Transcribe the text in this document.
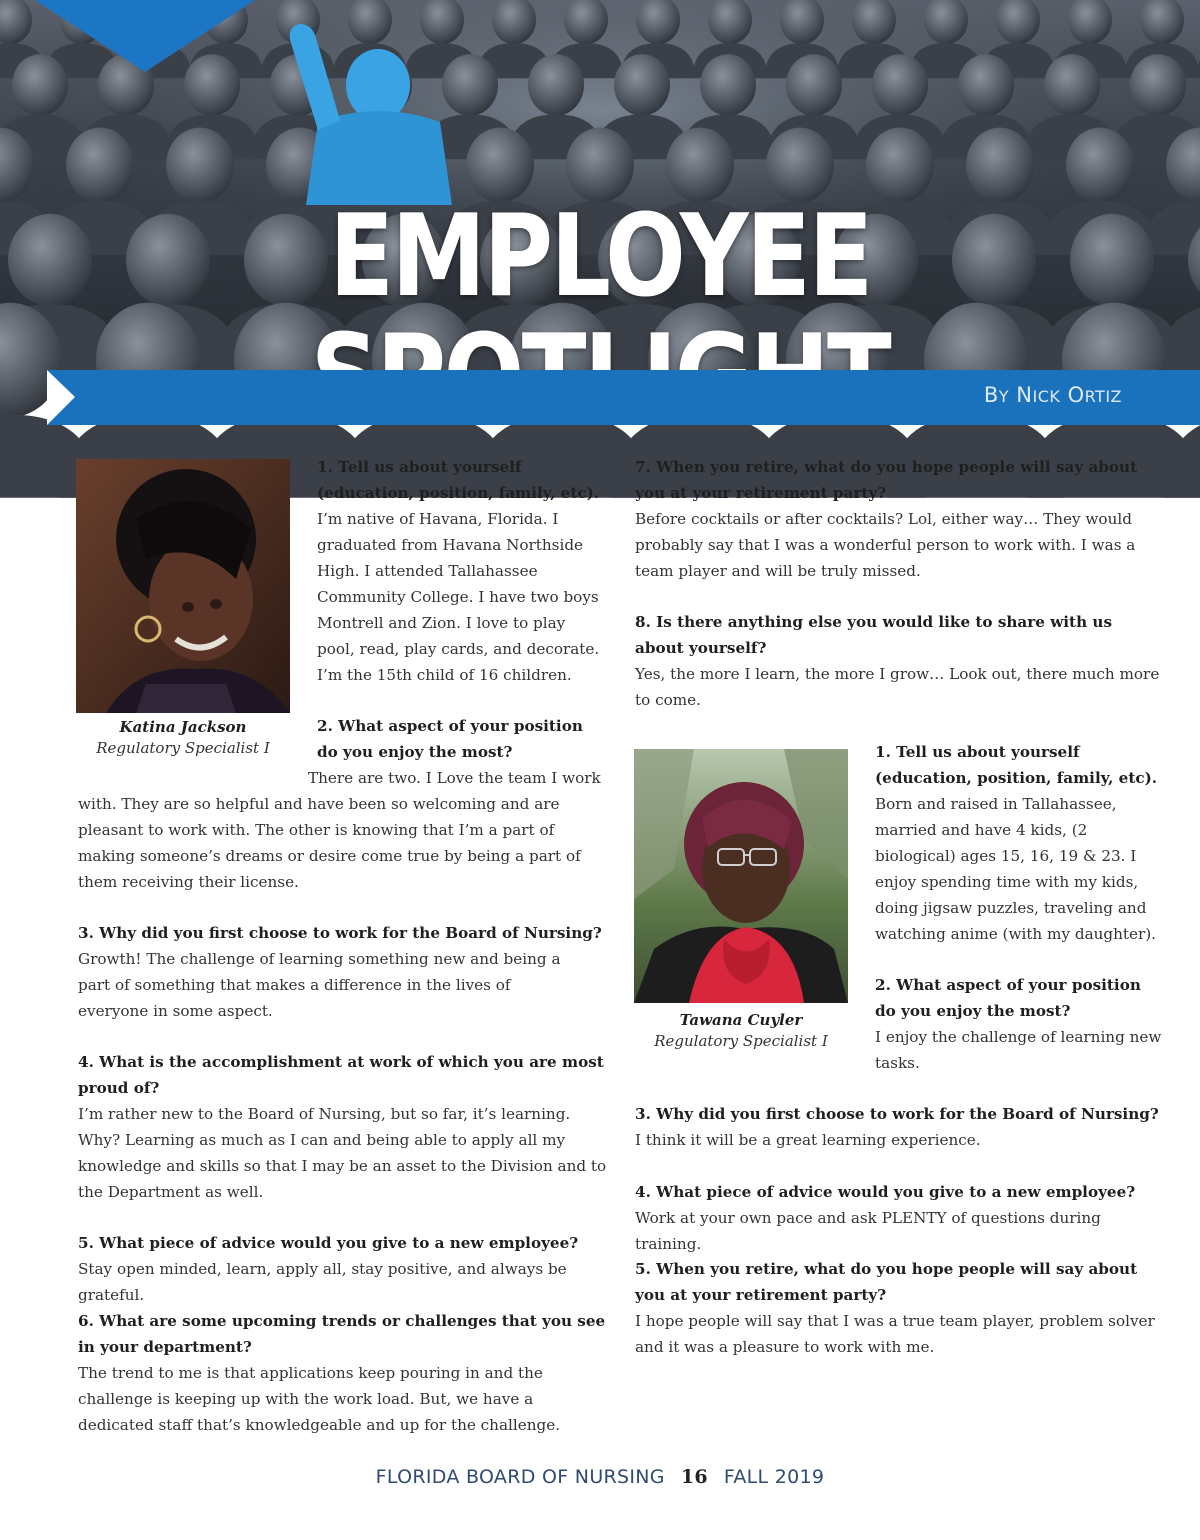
EMPLOYEE
BY NICK ORTIZ
Katina Jackson
Regulatory Specialist I
1. Tell us about yourself (education, position, family, etc).
I’m native of Havana, Florida. I graduated from Havana Northside High. I attended Tallahassee Community College. I have two boys Montrell and Zion. I love to play pool, read, play cards, and decorate. I’m the 15th child of 16 children.
2. What aspect of your position do you enjoy the most?
There are two. I Love the team I work with. They are so helpful and have been so welcoming and are pleasant to work with. The other is knowing that I’m a part of making someone’s dreams or desire come true by being a part of them receiving their license.
3. Why did you first choose to work for the Board of Nursing?
Growth! The challenge of learning something new and being a part of something that makes a difference in the lives of everyone in some aspect.
4. What is the accomplishment at work of which you are most proud of?
I’m rather new to the Board of Nursing, but so far, it’s learning. Why? Learning as much as I can and being able to apply all my knowledge and skills so that I may be an asset to the Division and to the Department as well.
5. What piece of advice would you give to a new employee?
Stay open minded, learn, apply all, stay positive, and always be grateful.
6. What are some upcoming trends or challenges that you see in your department?
The trend to me is that applications keep pouring in and the challenge is keeping up with the work load. But, we have a dedicated staff that’s knowledgeable and up for the challenge.
7. When you retire, what do you hope people will say about you at your retirement party?
Before cocktails or after cocktails? Lol, either way… They would probably say that I was a wonderful person to work with. I was a team player and will be truly missed.
8. Is there anything else you would like to share with us about yourself?
Yes, the more I learn, the more I grow… Look out, there much more to come.
Tawana Cuyler
Regulatory Specialist I
1. Tell us about yourself (education, position, family, etc).
Born and raised in Tallahassee, married and have 4 kids, (2 biological) ages 15, 16, 19 & 23. I enjoy spending time with my kids, doing jigsaw puzzles, traveling and watching anime (with my daughter).
2. What aspect of your position do you enjoy the most?
I enjoy the challenge of learning new tasks.
3. Why did you first choose to work for the Board of Nursing?
I think it will be a great learning experience.
4. What piece of advice would you give to a new employee?
Work at your own pace and ask PLENTY of questions during training.
5. When you retire, what do you hope people will say about you at your retirement party?
I hope people will say that I was a true team player, problem solver and it was a pleasure to work with me.
FLORIDA BOARD OF NURSING 16 FALL 2019
